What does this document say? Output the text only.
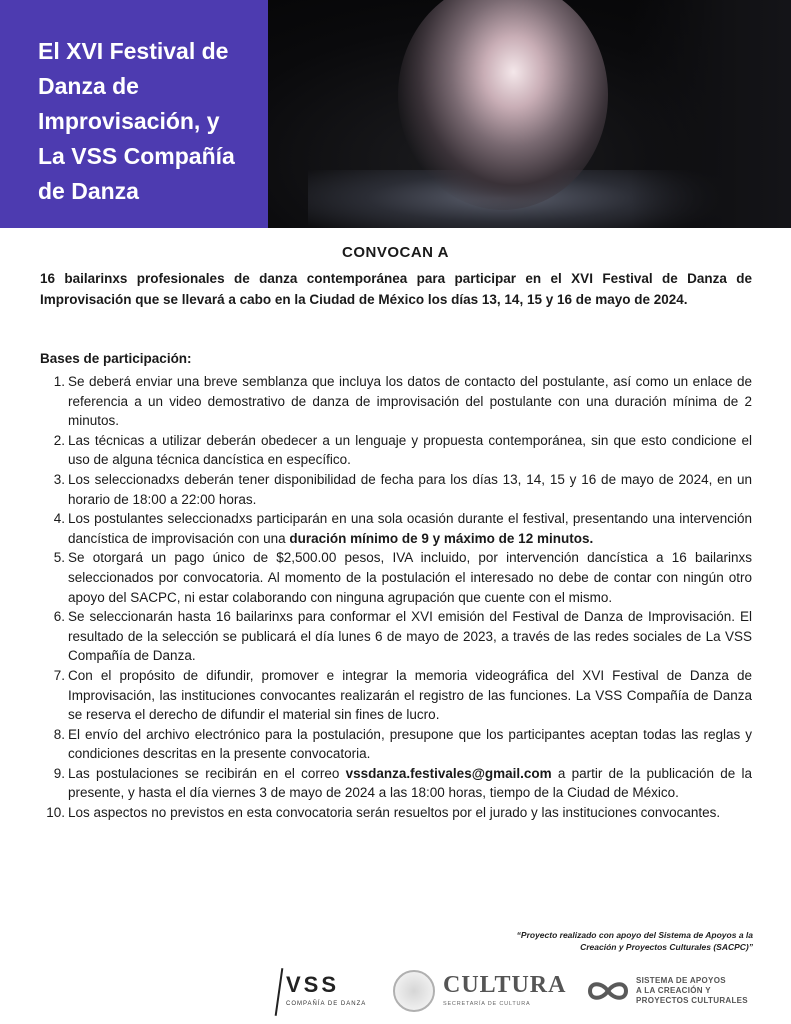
El XVI Festival de
Danza de
Improvisación, y
La VSS Compañía
de Danza
CONVOCAN A
16 bailarinxs profesionales de danza contemporánea para participar en el XVI Festival de Danza de Improvisación que se llevará a cabo en la Ciudad de México los días 13, 14, 15 y 16 de mayo de 2024.
Bases de participación:

1. Se deberá enviar una breve semblanza que incluya los datos de contacto del postulante, así como un enlace de referencia a un video demostrativo de danza de improvisación del postulante con una duración mínima de 2 minutos.

2. Las técnicas a utilizar deberán obedecer a un lenguaje y propuesta contemporánea, sin que esto condicione el uso de alguna técnica dancística en específico.

3. Los seleccionadxs deberán tener disponibilidad de fecha para los días 13, 14, 15 y 16 de mayo de 2024, en un horario de 18:00 a 22:00 horas.

4. Los postulantes seleccionadxs participarán en una sola ocasión durante el festival, presentando una intervención dancística de improvisación con una duración mínimo de 9 y máximo de 12 minutos.

5. Se otorgará un pago único de $2,500.00 pesos, IVA incluido, por intervención dancística a 16 bailarinxs seleccionados por convocatoria. Al momento de la postulación el interesado no debe de contar con ningún otro apoyo del SACPC, ni estar colaborando con ninguna agrupación que cuente con el mismo.

6. Se seleccionarán hasta 16 bailarinxs para conformar el XVI emisión del Festival de Danza de Improvisación. El resultado de la selección se publicará el día lunes 6 de mayo de 2023, a través de las redes sociales de La VSS Compañía de Danza.

7. Con el propósito de difundir, promover e integrar la memoria videográfica del XVI Festival de Danza de Improvisación, las instituciones convocantes realizarán el registro de las funciones. La VSS Compañía de Danza se reserva el derecho de difundir el material sin fines de lucro.

8. El envío del archivo electrónico para la postulación, presupone que los participantes aceptan todas las reglas y condiciones descritas en la presente convocatoria.

9. Las postulaciones se recibirán en el correo vssdanza.festivales@gmail.com a partir de la publicación de la presente, y hasta el día viernes 3 de mayo de 2024 a las 18:00 horas, tiempo de la Ciudad de México.

10. Los aspectos no previstos en esta convocatoria serán resueltos por el jurado y las instituciones convocantes.

“Proyecto realizado con apoyo del Sistema de Apoyos a la
Creación y Proyectos Culturales (SACPC)”
VSS
COMPAÑÍA DE DANZA
CULTURA
SECRETARÍA DE CULTURA
SISTEMA DE APOYOS
A LA CREACIÓN Y
PROYECTOS CULTURALES
